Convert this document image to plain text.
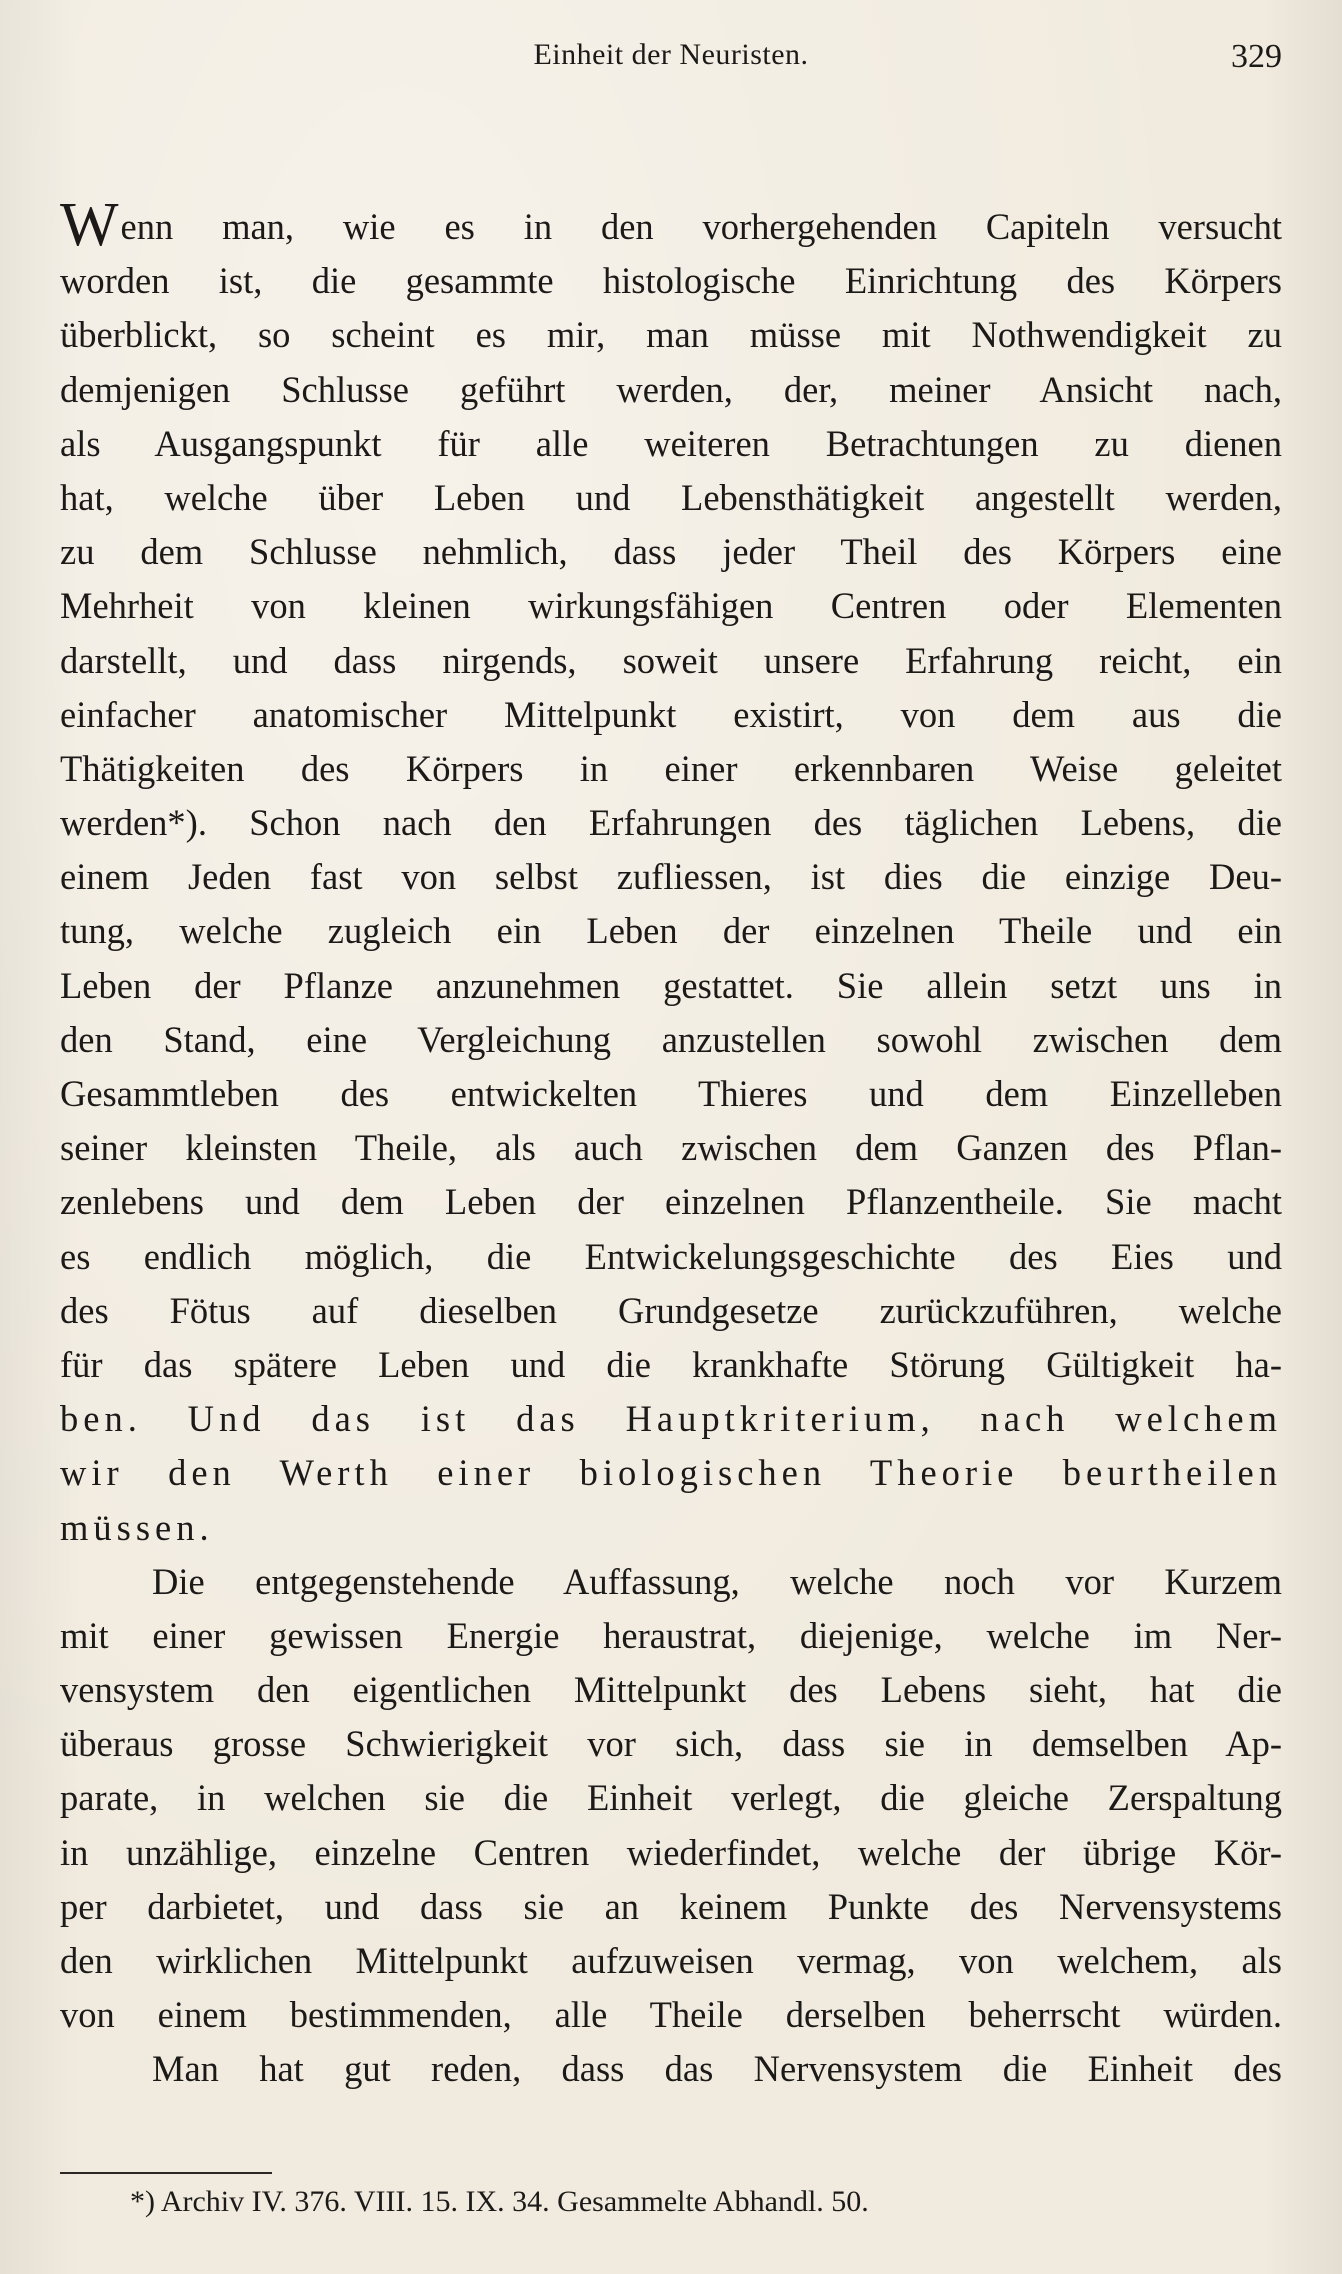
Einheit der Neuristen.	329
Wenn man, wie es in den vorhergehenden Capiteln versucht
worden ist, die gesammte histologische Einrichtung des Körpers
überblickt, so scheint es mir, man müsse mit Nothwendigkeit zu
demjenigen Schlusse geführt werden, der, meiner Ansicht nach,
als Ausgangspunkt für alle weiteren Betrachtungen zu dienen
hat, welche über Leben und Lebensthätigkeit angestellt werden,
zu dem Schlusse nehmlich, dass jeder Theil des Körpers eine
Mehrheit von kleinen wirkungsfähigen Centren oder Elementen
darstellt, und dass nirgends, soweit unsere Erfahrung reicht, ein
einfacher anatomischer Mittelpunkt existirt, von dem aus die
Thätigkeiten des Körpers in einer erkennbaren Weise geleitet
werden*). Schon nach den Erfahrungen des täglichen Lebens, die
einem Jeden fast von selbst zufliessen, ist dies die einzige Deu-
tung, welche zugleich ein Leben der einzelnen Theile und ein
Leben der Pflanze anzunehmen gestattet. Sie allein setzt uns in
den Stand, eine Vergleichung anzustellen sowohl zwischen dem
Gesammtleben des entwickelten Thieres und dem Einzelleben
seiner kleinsten Theile, als auch zwischen dem Ganzen des Pflan-
zenlebens und dem Leben der einzelnen Pflanzentheile. Sie macht
es endlich möglich, die Entwickelungsgeschichte des Eies und
des Fötus auf dieselben Grundgesetze zurückzuführen, welche
für das spätere Leben und die krankhafte Störung Gültigkeit ha-
ben. Und das ist das Hauptkriterium, nach welchem
wir den Werth einer biologischen Theorie beurtheilen
müssen.
Die entgegenstehende Auffassung, welche noch vor Kurzem
mit einer gewissen Energie heraustrat, diejenige, welche im Ner-
vensystem den eigentlichen Mittelpunkt des Lebens sieht, hat die
überaus grosse Schwierigkeit vor sich, dass sie in demselben Ap-
parate, in welchen sie die Einheit verlegt, die gleiche Zerspaltung
in unzählige, einzelne Centren wiederfindet, welche der übrige Kör-
per darbietet, und dass sie an keinem Punkte des Nervensystems
den wirklichen Mittelpunkt aufzuweisen vermag, von welchem, als
von einem bestimmenden, alle Theile derselben beherrscht würden.
Man hat gut reden, dass das Nervensystem die Einheit des
*) Archiv IV. 376. VIII. 15. IX. 34. Gesammelte Abhandl. 50.
